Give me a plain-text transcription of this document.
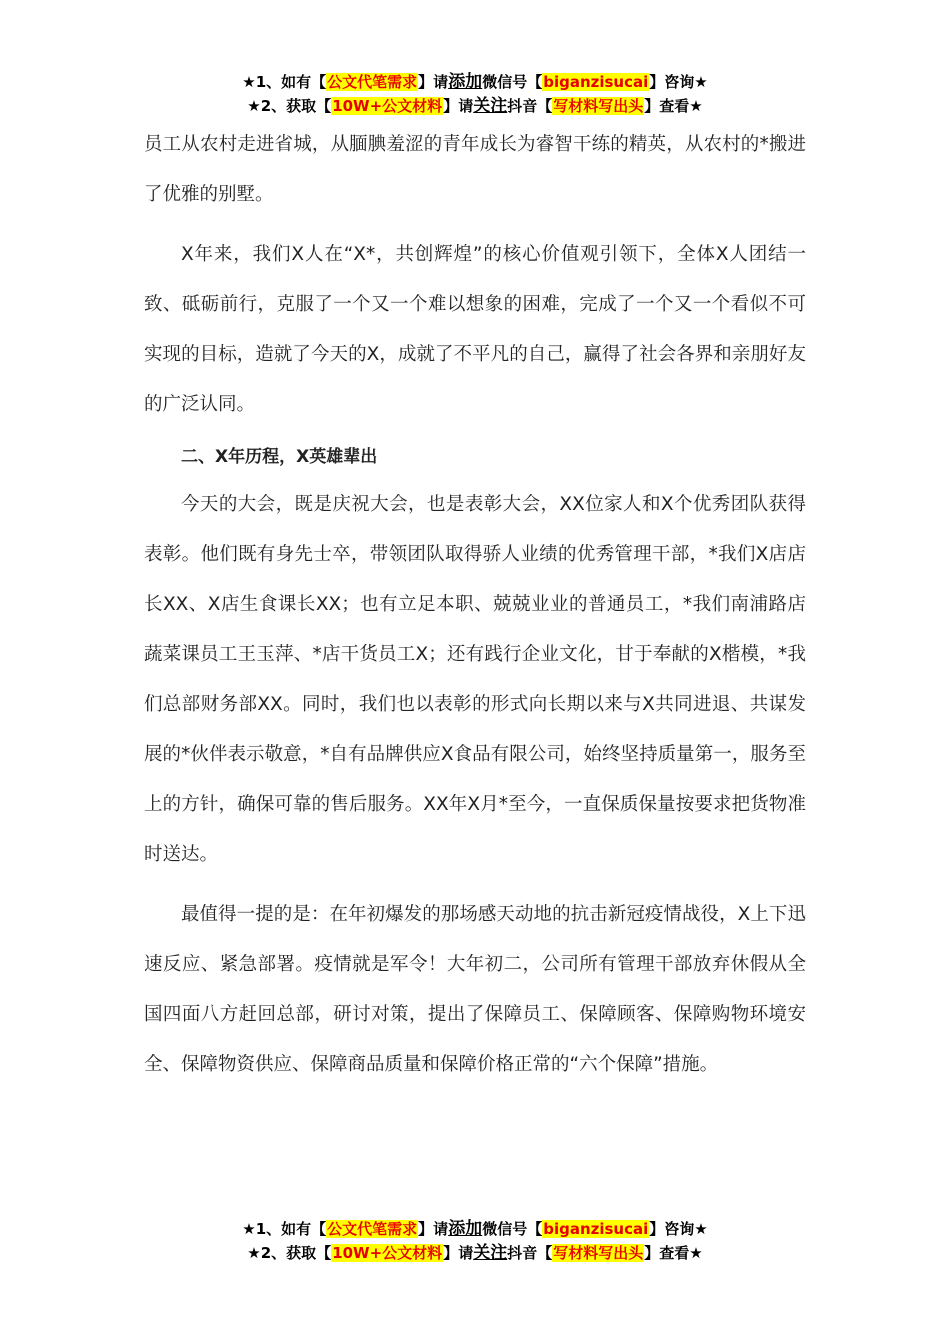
★1、如有【公文代笔需求】请添加微信号【biganzisucai】咨询★
★2、获取【10W+公文材料】请关注抖音【写材料写出头】查看★

员工从农村走进省城，从腼腆羞涩的青年成长为睿智干练的精英，从农村的*搬进了优雅的别墅。

X年来，我们X人在“X*，共创辉煌”的核心价值观引领下，全体X人团结一致、砥砺前行，克服了一个又一个难以想象的困难，完成了一个又一个看似不可实现的目标，造就了今天的X，成就了不平凡的自己，赢得了社会各界和亲朋好友的广泛认同。

二、X年历程，X英雄辈出

今天的大会，既是庆祝大会，也是表彰大会，XX位家人和X个优秀团队获得表彰。他们既有身先士卒，带领团队取得骄人业绩的优秀管理干部，*我们X店店长XX、X店生食课长XX；也有立足本职、兢兢业业的普通员工，*我们南浦路店蔬菜课员工王玉萍、*店干货员工X；还有践行企业文化，甘于奉献的X楷模，*我们总部财务部XX。同时，我们也以表彰的形式向长期以来与X共同进退、共谋发展的*伙伴表示敬意，*自有品牌供应X食品有限公司，始终坚持质量第一，服务至上的方针，确保可靠的售后服务。XX年X月*至今，一直保质保量按要求把货物准时送达。

最值得一提的是：在年初爆发的那场感天动地的抗击新冠疫情战役，X上下迅速反应、紧急部署。疫情就是军令！大年初二，公司所有管理干部放弃休假从全国四面八方赶回总部，研讨对策，提出了保障员工、保障顾客、保障购物环境安全、保障物资供应、保障商品质量和保障价格正常的“六个保障”措施。

★1、如有【公文代笔需求】请添加微信号【biganzisucai】咨询★
★2、获取【10W+公文材料】请关注抖音【写材料写出头】查看★
